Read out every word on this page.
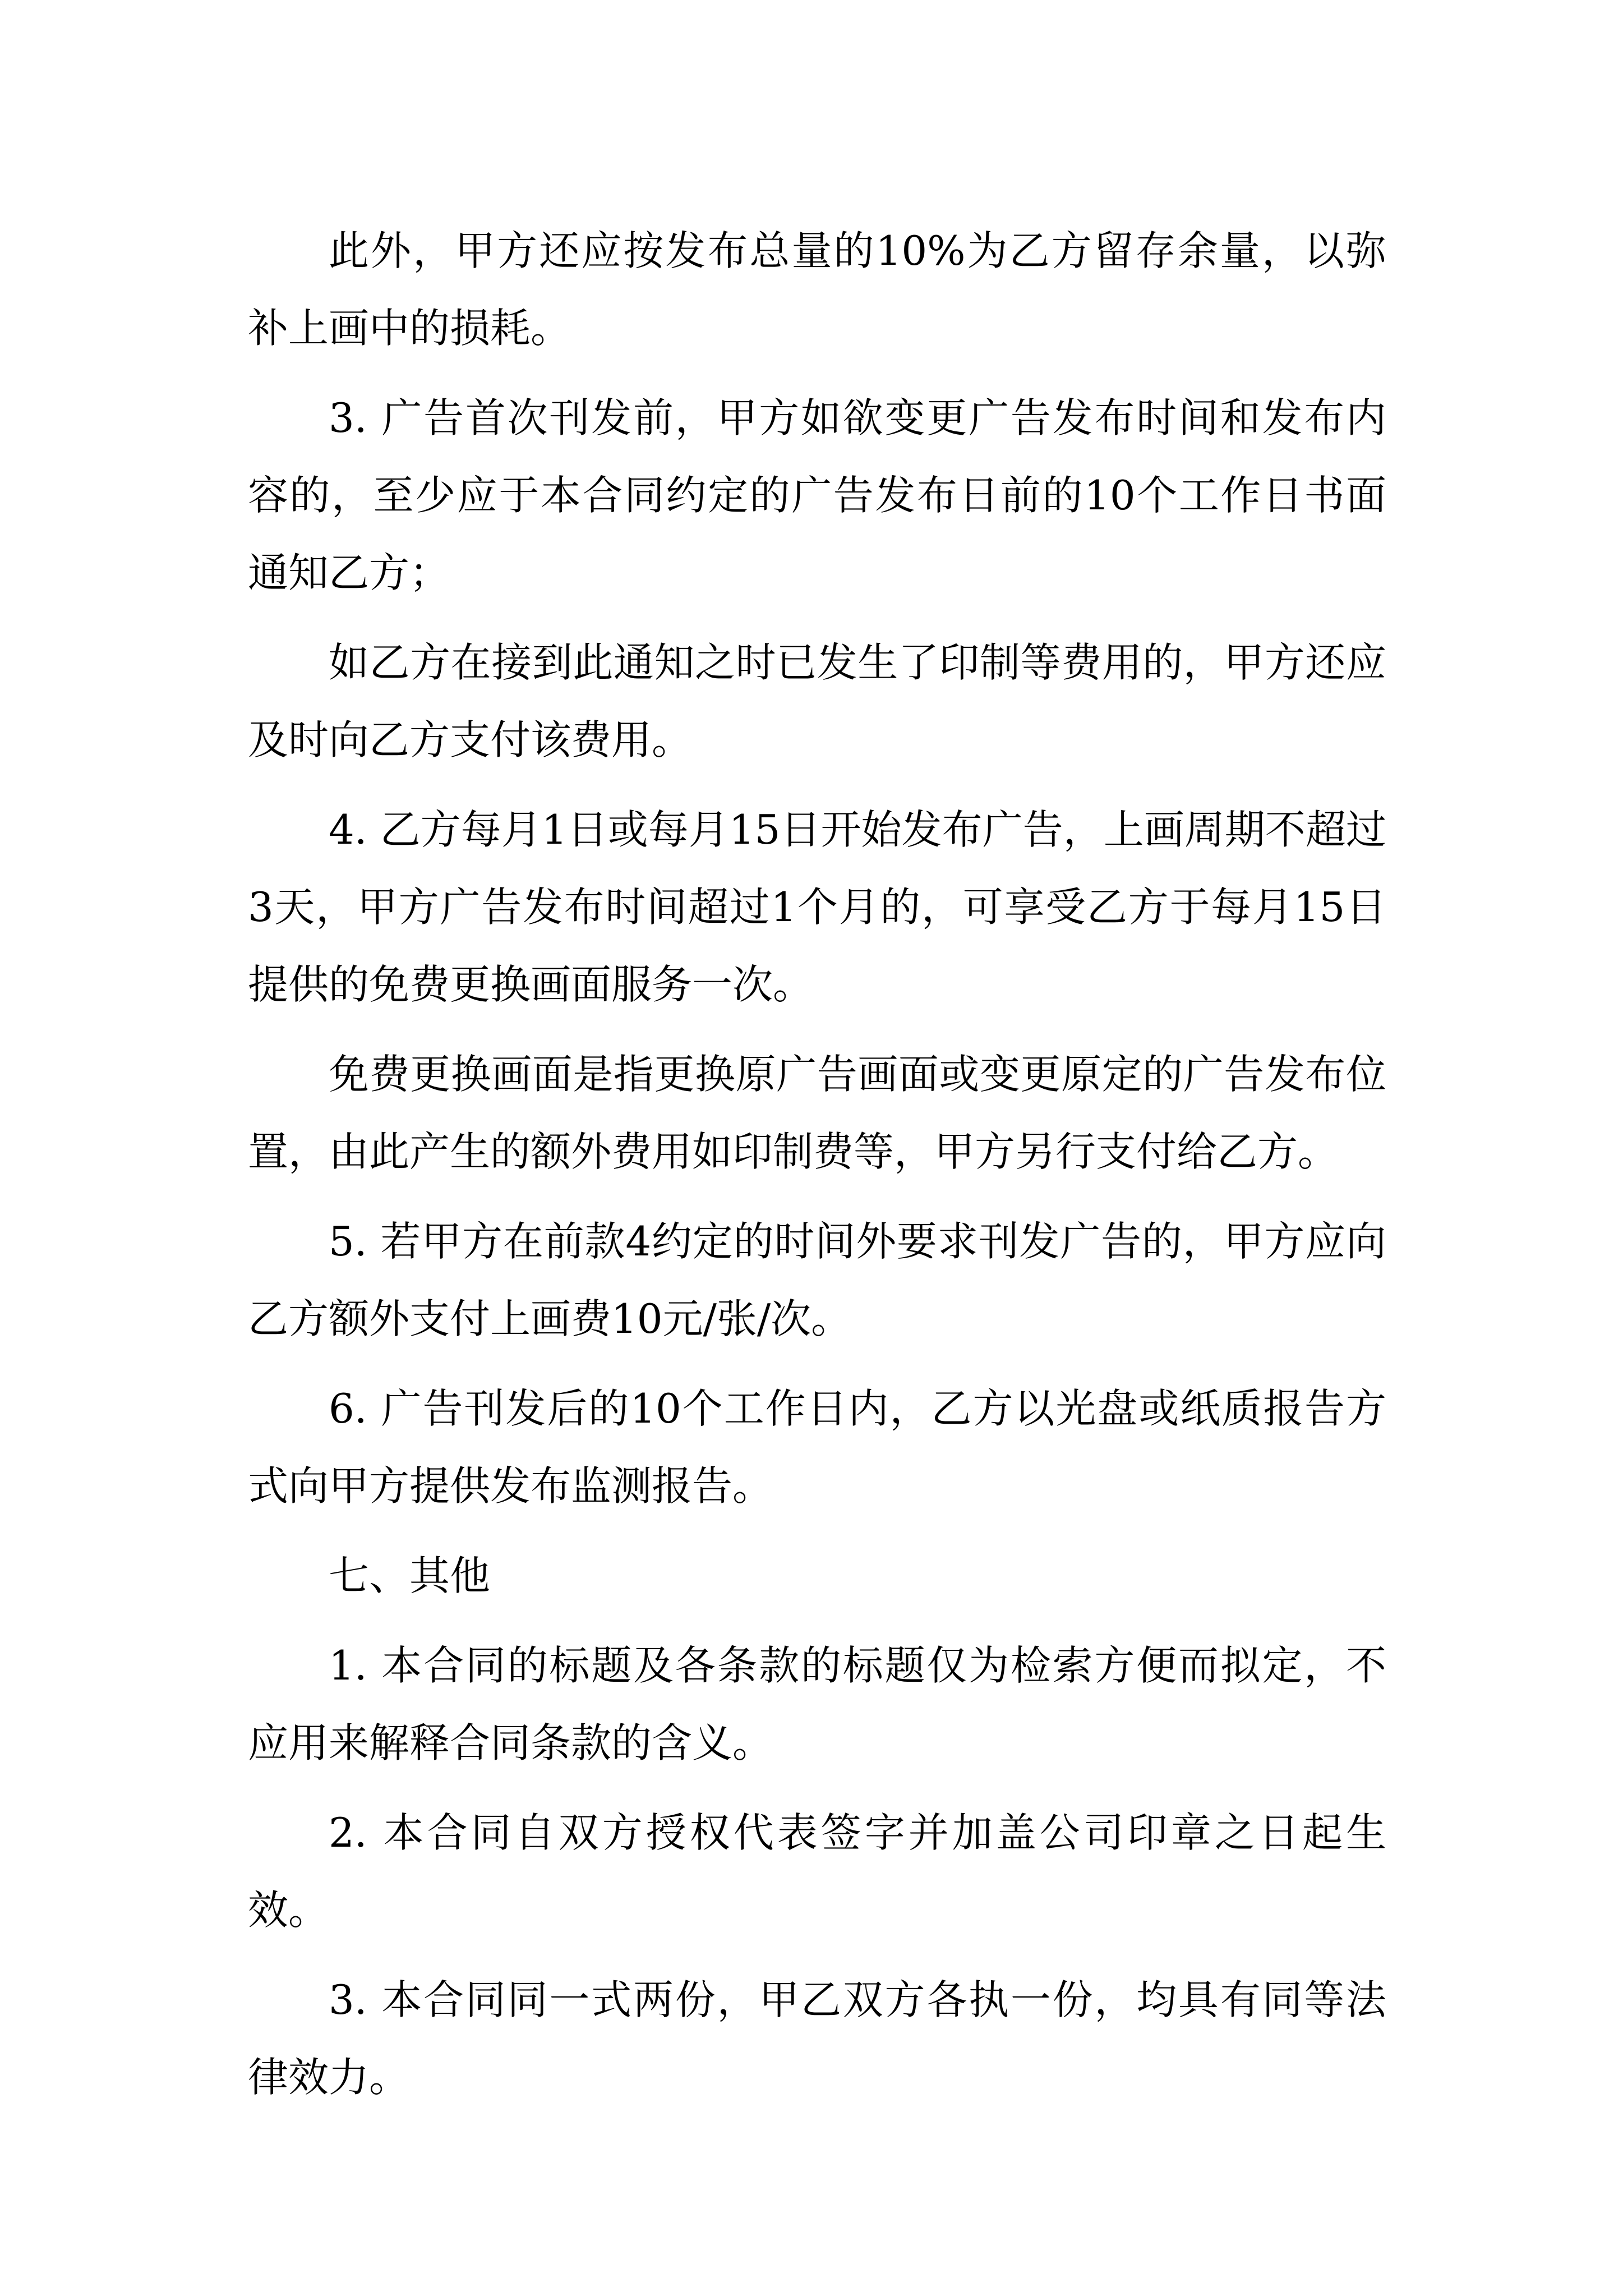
此外，甲方还应按发布总量的10%为乙方留存余量，以弥补上画中的损耗。

3. 广告首次刊发前，甲方如欲变更广告发布时间和发布内容的，至少应于本合同约定的广告发布日前的10个工作日书面通知乙方；

如乙方在接到此通知之时已发生了印制等费用的，甲方还应及时向乙方支付该费用。

4. 乙方每月1日或每月15日开始发布广告，上画周期不超过3天，甲方广告发布时间超过1个月的，可享受乙方于每月15日提供的免费更换画面服务一次。

免费更换画面是指更换原广告画面或变更原定的广告发布位置，由此产生的额外费用如印制费等，甲方另行支付给乙方。

5. 若甲方在前款4约定的时间外要求刊发广告的，甲方应向乙方额外支付上画费10元/张/次。

6. 广告刊发后的10个工作日内，乙方以光盘或纸质报告方式向甲方提供发布监测报告。

七、其他

1. 本合同的标题及各条款的标题仅为检索方便而拟定，不应用来解释合同条款的含义。

2. 本合同自双方授权代表签字并加盖公司印章之日起生效。

3. 本合同同一式两份，甲乙双方各执一份，均具有同等法律效力。
